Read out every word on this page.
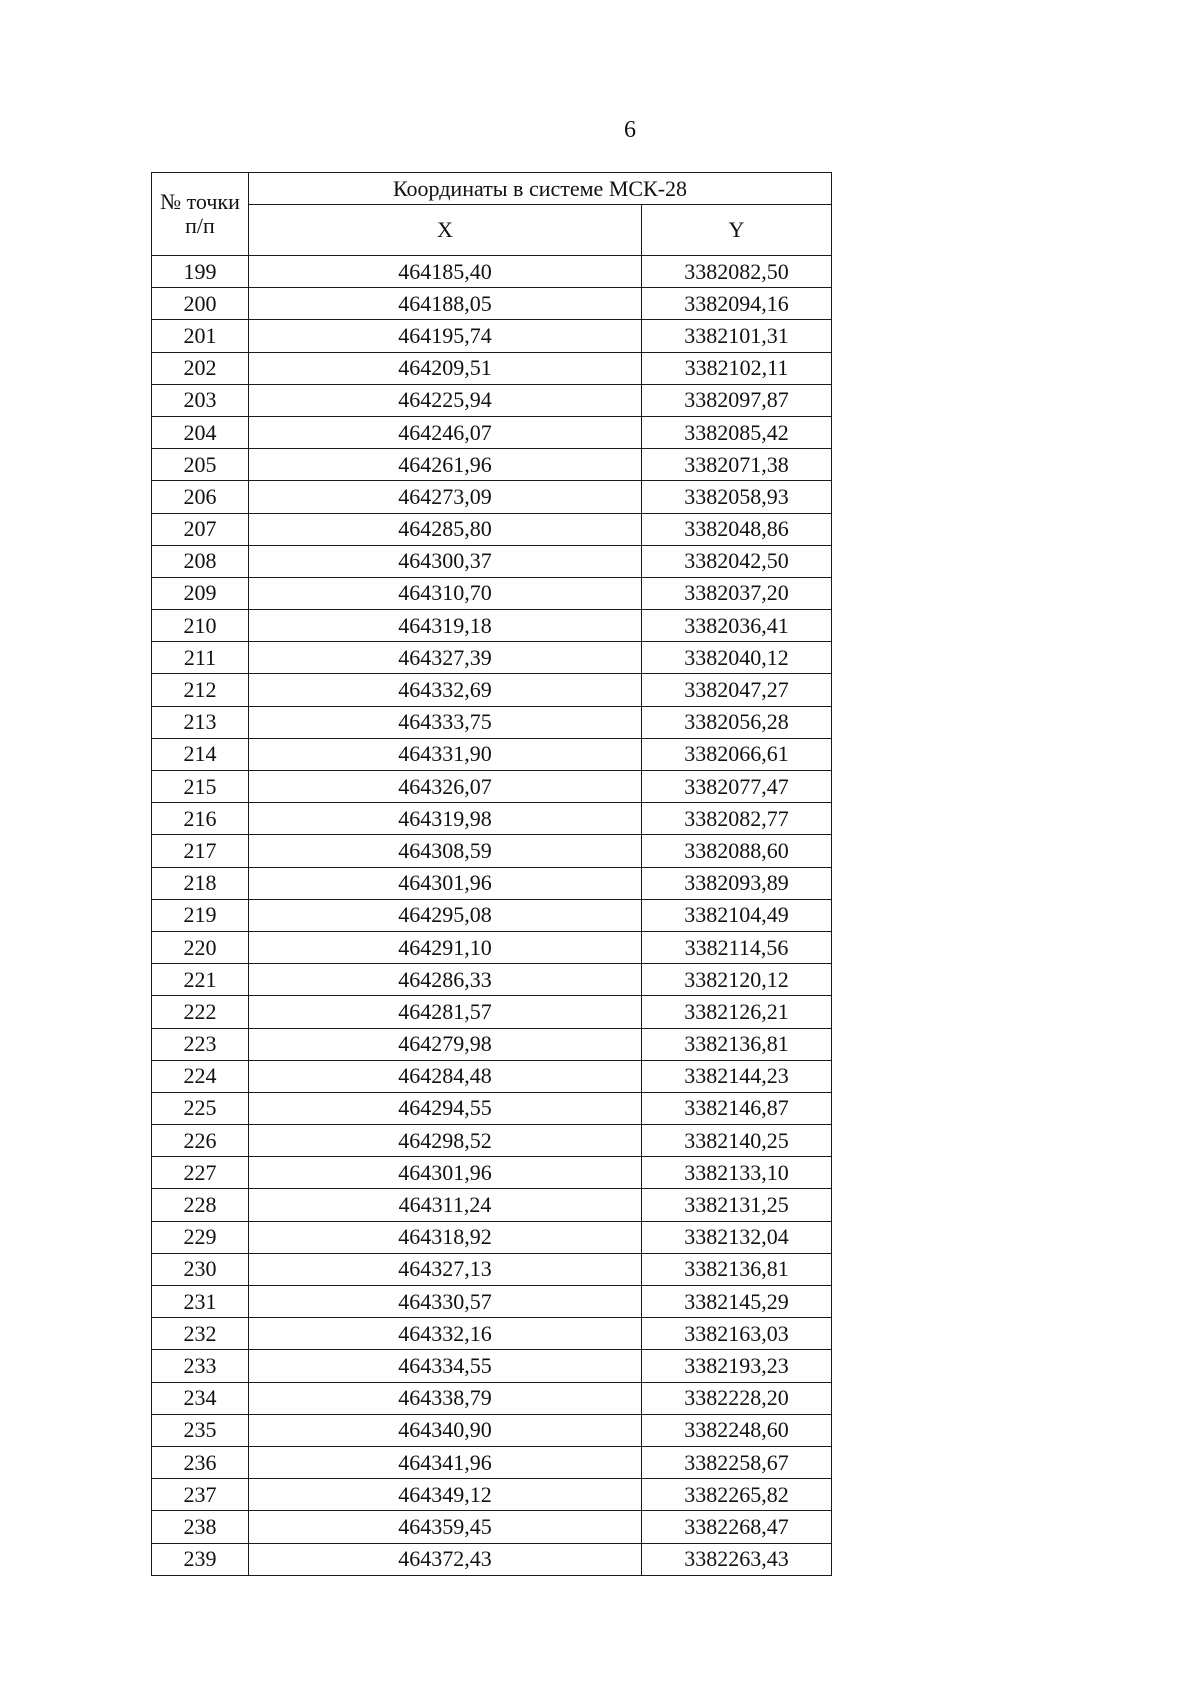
6
№ точки п/п	Координаты в системе МСК-28	
	X	Y
199	464185,40	3382082,50
200	464188,05	3382094,16
201	464195,74	3382101,31
202	464209,51	3382102,11
203	464225,94	3382097,87
204	464246,07	3382085,42
205	464261,96	3382071,38
206	464273,09	3382058,93
207	464285,80	3382048,86
208	464300,37	3382042,50
209	464310,70	3382037,20
210	464319,18	3382036,41
211	464327,39	3382040,12
212	464332,69	3382047,27
213	464333,75	3382056,28
214	464331,90	3382066,61
215	464326,07	3382077,47
216	464319,98	3382082,77
217	464308,59	3382088,60
218	464301,96	3382093,89
219	464295,08	3382104,49
220	464291,10	3382114,56
221	464286,33	3382120,12
222	464281,57	3382126,21
223	464279,98	3382136,81
224	464284,48	3382144,23
225	464294,55	3382146,87
226	464298,52	3382140,25
227	464301,96	3382133,10
228	464311,24	3382131,25
229	464318,92	3382132,04
230	464327,13	3382136,81
231	464330,57	3382145,29
232	464332,16	3382163,03
233	464334,55	3382193,23
234	464338,79	3382228,20
235	464340,90	3382248,60
236	464341,96	3382258,67
237	464349,12	3382265,82
238	464359,45	3382268,47
239	464372,43	3382263,43
